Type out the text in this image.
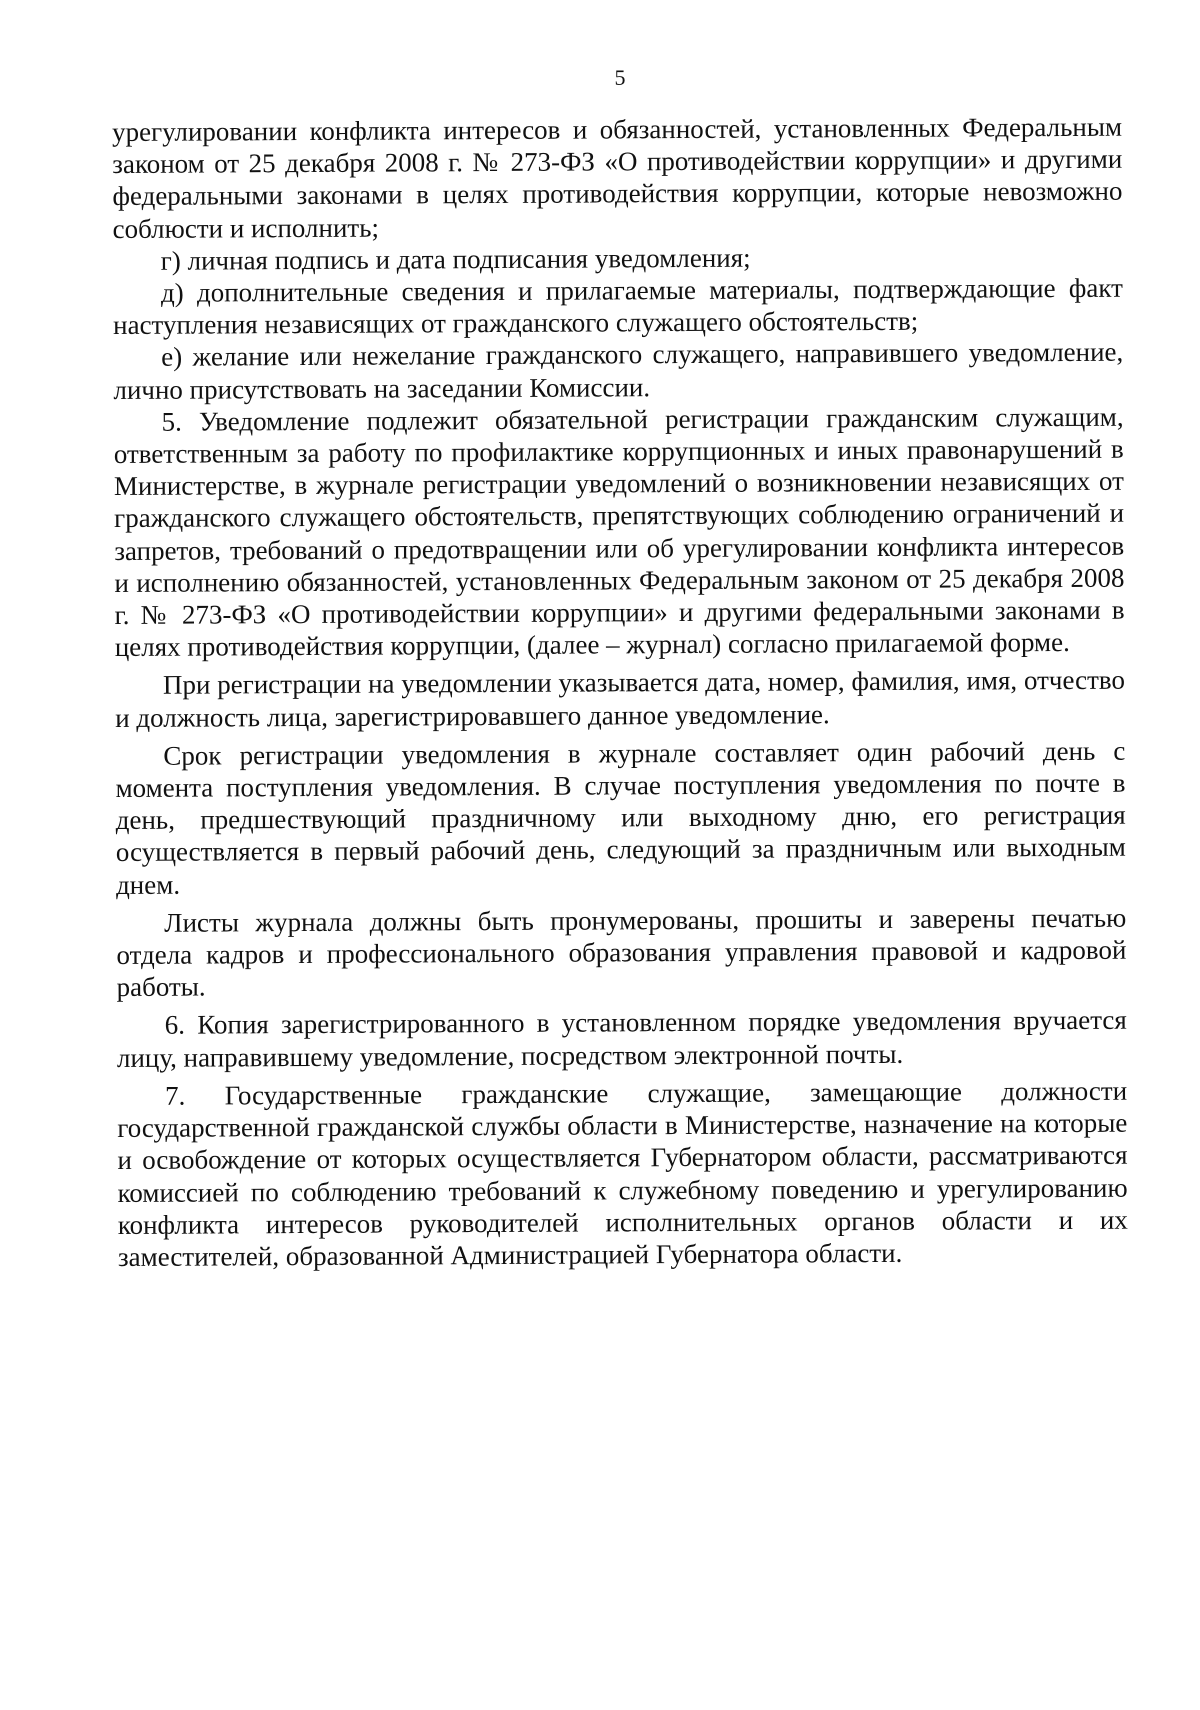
5

урегулировании конфликта интересов и обязанностей, установленных Федеральным законом от 25 декабря 2008 г. № 273-ФЗ «О противодействии коррупции» и другими федеральными законами в целях противодействия коррупции, которые невозможно соблюсти и исполнить;

г) личная подпись и дата подписания уведомления;

д) дополнительные сведения и прилагаемые материалы, подтверждающие факт наступления независящих от гражданского служащего обстоятельств;

е) желание или нежелание гражданского служащего, направившего уведомление, лично присутствовать на заседании Комиссии.

5. Уведомление подлежит обязательной регистрации гражданским служащим, ответственным за работу по профилактике коррупционных и иных правонарушений в Министерстве, в журнале регистрации уведомлений о возникновении независящих от гражданского служащего обстоятельств, препятствующих соблюдению ограничений и запретов, требований о предотвращении или об урегулировании конфликта интересов и исполнению обязанностей, установленных Федеральным законом от 25 декабря 2008 г. № 273-ФЗ «О противодействии коррупции» и другими федеральными законами в целях противодействия коррупции, (далее – журнал) согласно прилагаемой форме.

При регистрации на уведомлении указывается дата, номер, фамилия, имя, отчество и должность лица, зарегистрировавшего данное уведомление.

Срок регистрации уведомления в журнале составляет один рабочий день с момента поступления уведомления. В случае поступления уведомления по почте в день, предшествующий праздничному или выходному дню, его регистрация осуществляется в первый рабочий день, следующий за праздничным или выходным днем.

Листы журнала должны быть пронумерованы, прошиты и заверены печатью отдела кадров и профессионального образования управления правовой и кадровой работы.

6. Копия зарегистрированного в установленном порядке уведомления вручается лицу, направившему уведомление, посредством электронной почты.

7. Государственные гражданские служащие, замещающие должности государственной гражданской службы области в Министерстве, назначение на которые и освобождение от которых осуществляется Губернатором области, рассматриваются комиссией по соблюдению требований к служебному поведению и урегулированию конфликта интересов руководителей исполнительных органов области и их заместителей, образованной Администрацией Губернатора области.
